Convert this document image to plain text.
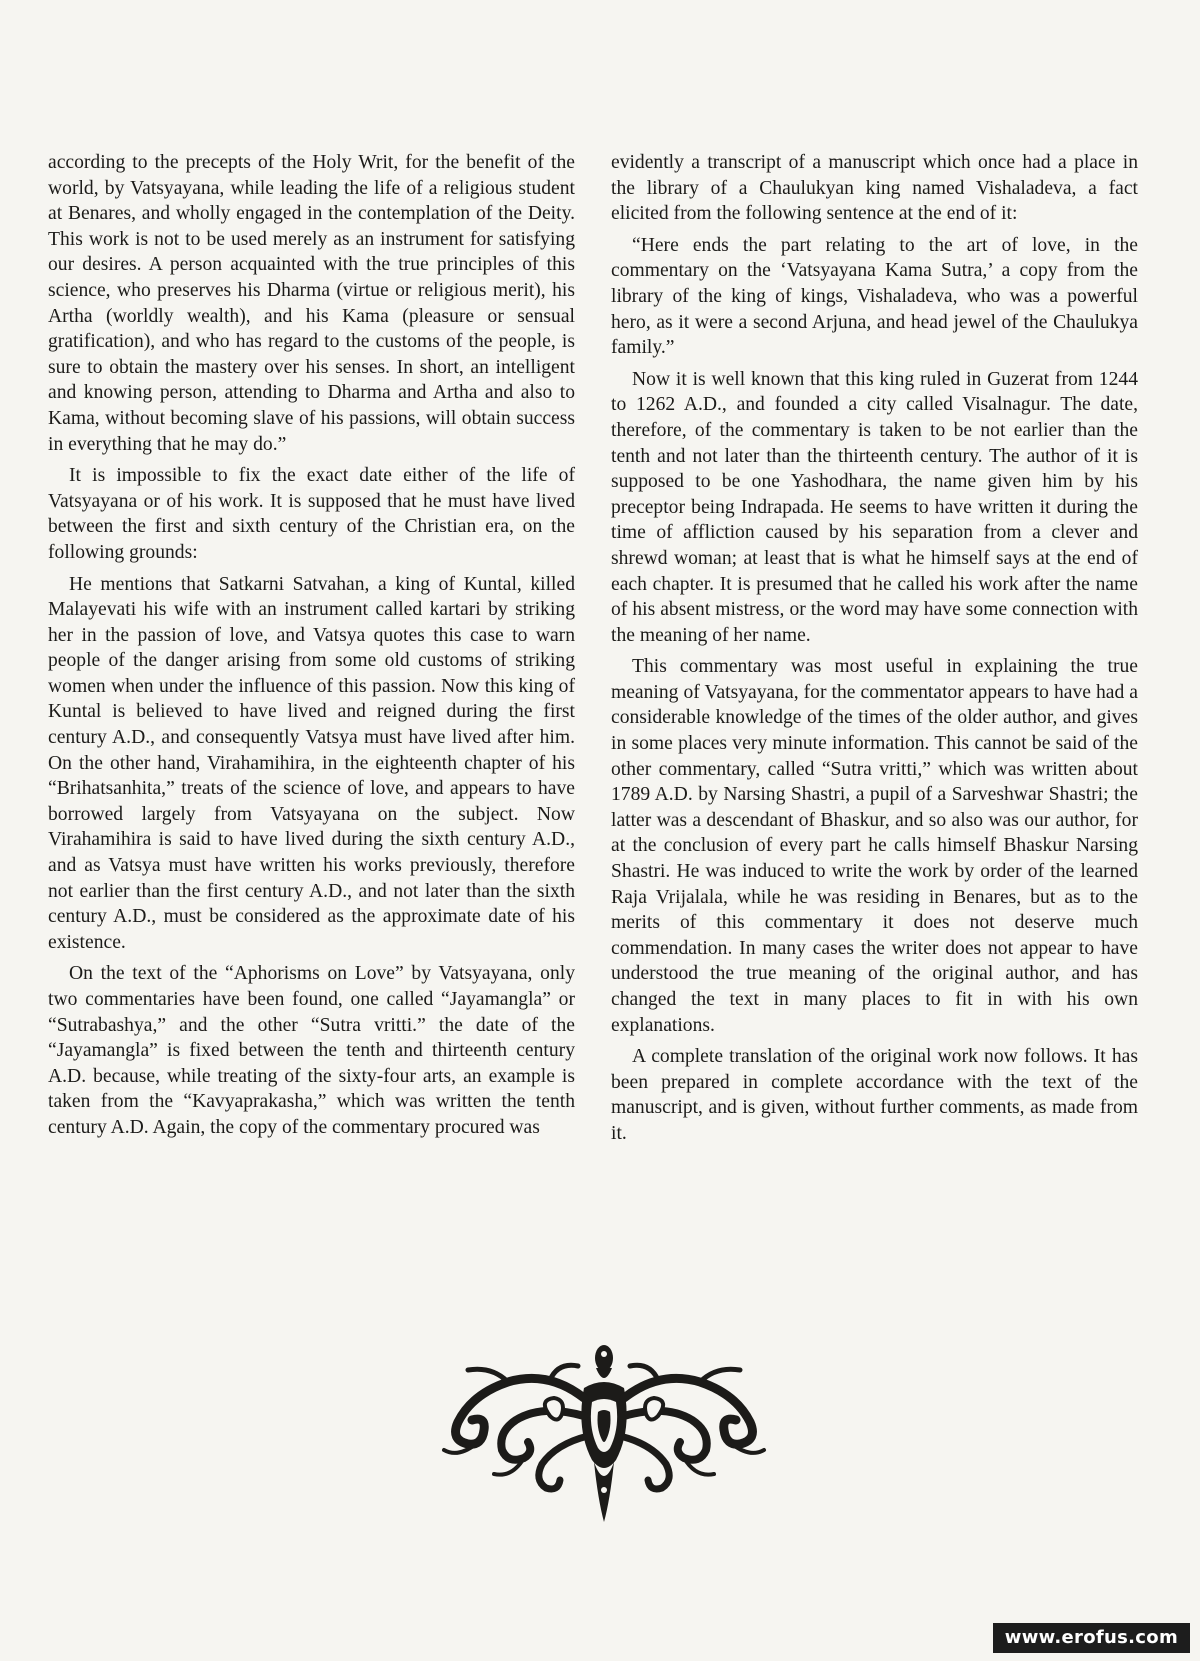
according to the precepts of the Holy Writ, for the benefit of the world, by Vatsyayana, while leading the life of a religious student at Benares, and wholly engaged in the contemplation of the Deity. This work is not to be used merely as an instrument for satisfying our desires. A person acquainted with the true principles of this science, who preserves his Dharma (virtue or religious merit), his Artha (worldly wealth), and his Kama (pleasure or sensual gratification), and who has regard to the customs of the people, is sure to obtain the mastery over his senses. In short, an intelligent and knowing person, attending to Dharma and Artha and also to Kama, without becoming slave of his passions, will obtain success in everything that he may do.”

It is impossible to fix the exact date either of the life of Vatsyayana or of his work. It is supposed that he must have lived between the first and sixth century of the Christian era, on the following grounds:

He mentions that Satkarni Satvahan, a king of Kuntal, killed Malayevati his wife with an instrument called kartari by striking her in the passion of love, and Vatsya quotes this case to warn people of the danger arising from some old customs of striking women when under the influence of this passion. Now this king of Kuntal is believed to have lived and reigned during the first century A.D., and consequently Vatsya must have lived after him. On the other hand, Virahamihira, in the eighteenth chapter of his “Brihatsanhita,” treats of the science of love, and appears to have borrowed largely from Vatsyayana on the subject. Now Virahamihira is said to have lived during the sixth century A.D., and as Vatsya must have written his works previously, therefore not earlier than the first century A.D., and not later than the sixth century A.D., must be considered as the approximate date of his existence.

On the text of the “Aphorisms on Love” by Vatsyayana, only two commentaries have been found, one called “Jayamangla” or “Sutrabashya,” and the other “Sutra vritti.” the date of the “Jayamangla” is fixed between the tenth and thirteenth century A.D. because, while treating of the sixty-four arts, an example is taken from the “Kavyaprakasha,” which was written the tenth century A.D. Again, the copy of the commentary procured was

evidently a transcript of a manuscript which once had a place in the library of a Chaulukyan king named Vishaladeva, a fact elicited from the following sentence at the end of it:

“Here ends the part relating to the art of love, in the commentary on the ‘Vatsyayana Kama Sutra,’ a copy from the library of the king of kings, Vishaladeva, who was a powerful hero, as it were a second Arjuna, and head jewel of the Chaulukya family.”

Now it is well known that this king ruled in Guzerat from 1244 to 1262 A.D., and founded a city called Visalnagur. The date, therefore, of the commentary is taken to be not earlier than the tenth and not later than the thirteenth century. The author of it is supposed to be one Yashodhara, the name given him by his preceptor being Indrapada. He seems to have written it during the time of affliction caused by his separation from a clever and shrewd woman; at least that is what he himself says at the end of each chapter. It is presumed that he called his work after the name of his absent mistress, or the word may have some connection with the meaning of her name.

This commentary was most useful in explaining the true meaning of Vatsyayana, for the commentator appears to have had a considerable knowledge of the times of the older author, and gives in some places very minute information. This cannot be said of the other commentary, called “Sutra vritti,” which was written about 1789 A.D. by Narsing Shastri, a pupil of a Sarveshwar Shastri; the latter was a descendant of Bhaskur, and so also was our author, for at the conclusion of every part he calls himself Bhaskur Narsing Shastri. He was induced to write the work by order of the learned Raja Vrijalala, while he was residing in Benares, but as to the merits of this commentary it does not deserve much commendation. In many cases the writer does not appear to have understood the true meaning of the original author, and has changed the text in many places to fit in with his own explanations.

A complete translation of the original work now follows. It has been prepared in complete accordance with the text of the manuscript, and is given, without further comments, as made from it.

www.erofus.com
